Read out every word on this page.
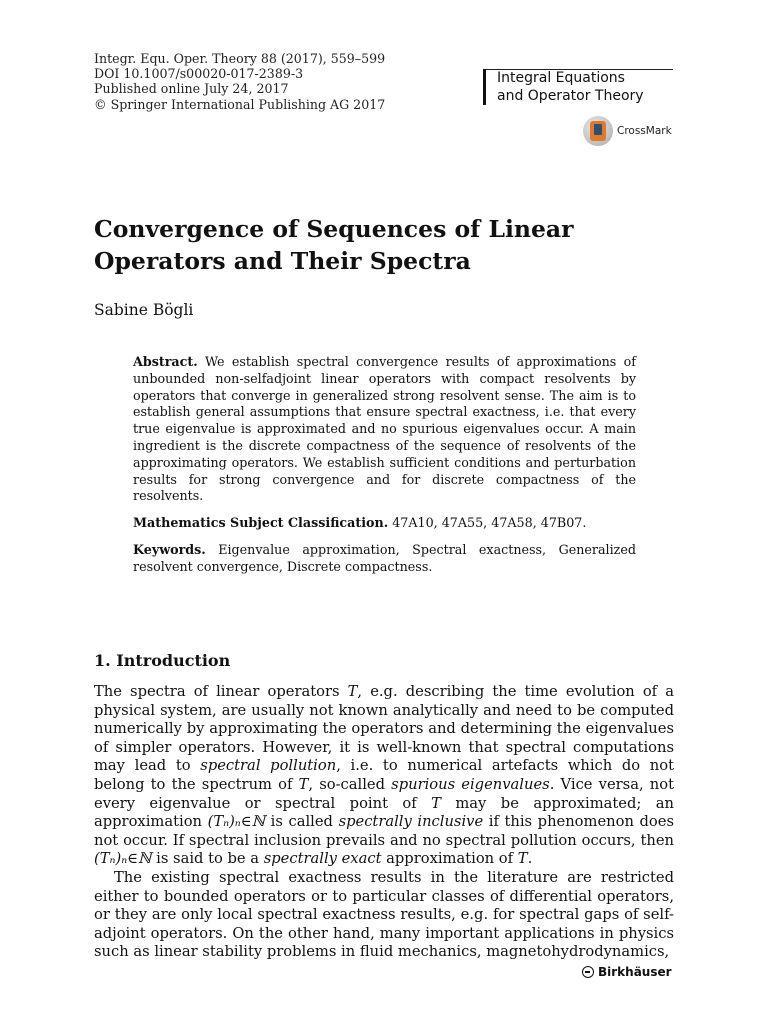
Integr. Equ. Oper. Theory 88 (2017), 559–599
DOI 10.1007/s00020-017-2389-3
Published online July 24, 2017
© Springer International Publishing AG 2017
Integral Equations
and Operator Theory
CrossMark
Convergence of Sequences of Linear
Operators and Their Spectra
Sabine Bögli

Abstract. We establish spectral convergence results of approximations of unbounded non-selfadjoint linear operators with compact resolvents by operators that converge in generalized strong resolvent sense. The aim is to establish general assumptions that ensure spectral exactness, i.e. that every true eigenvalue is approximated and no spurious eigenvalues occur. A main ingredient is the discrete compactness of the sequence of resolvents of the approximating operators. We establish sufficient conditions and perturbation results for strong convergence and for discrete compactness of the resolvents.

Mathematics Subject Classification. 47A10, 47A55, 47A58, 47B07.

Keywords. Eigenvalue approximation, Spectral exactness, Generalized resolvent convergence, Discrete compactness.

1. Introduction

The spectra of linear operators T, e.g. describing the time evolution of a physical system, are usually not known analytically and need to be computed numerically by approximating the operators and determining the eigenvalues of simpler operators. However, it is well-known that spectral computations may lead to spectral pollution, i.e. to numerical artefacts which do not belong to the spectrum of T, so-called spurious eigenvalues. Vice versa, not every eigenvalue or spectral point of T may be approximated; an approximation (Tₙ)ₙ∈ℕ is called spectrally inclusive if this phenomenon does not occur. If spectral inclusion prevails and no spectral pollution occurs, then (Tₙ)ₙ∈ℕ is said to be a spectrally exact approximation of T.

The existing spectral exactness results in the literature are restricted either to bounded operators or to particular classes of differential operators, or they are only local spectral exactness results, e.g. for spectral gaps of self-adjoint operators. On the other hand, many important applications in physics such as linear stability problems in fluid mechanics, magnetohydrodynamics,

Birkhäuser
